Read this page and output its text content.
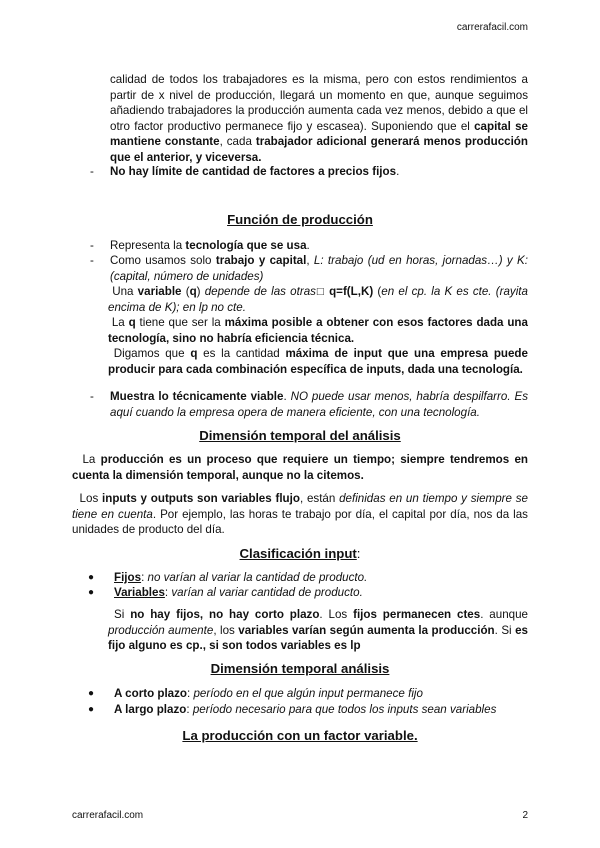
carrerafacil.com
carrerafacil.com	2
calidad de todos los trabajadores es la misma, pero con estos rendimientos a partir de x nivel de producción, llegará un momento en que, aunque seguimos añadiendo trabajadores la producción aumenta cada vez menos, debido a que el otro factor productivo permanece fijo y escasea). Suponiendo que el capital se mantiene constante, cada trabajador adicional generará menos producción que el anterior, y viceversa.
- No hay límite de cantidad de factores a precios fijos.
Función de producción
- Representa la tecnología que se usa.
- Como usamos solo trabajo y capital, L: trabajo (ud en horas, jornadas…) y K: (capital, número de unidades)
Una variable (q) depende de las otras□ q=f(L,K) (en el cp. la K es cte. (rayita encima de K); en lp no cte.
La q tiene que ser la máxima posible a obtener con esos factores dada una tecnología, sino no habría eficiencia técnica.
Digamos que q es la cantidad máxima de input que una empresa puede producir para cada combinación específica de inputs, dada una tecnología.
- Muestra lo técnicamente viable. NO puede usar menos, habría despilfarro. Es aquí cuando la empresa opera de manera eficiente, con una tecnología.
Dimensión temporal del análisis
La producción es un proceso que requiere un tiempo; siempre tendremos en cuenta la dimensión temporal, aunque no la citemos.
Los inputs y outputs son variables flujo, están definidas en un tiempo y siempre se tiene en cuenta. Por ejemplo, las horas te trabajo por día, el capital por día, nos da las unidades de producto del día.
Clasificación input:
● Fijos: no varían al variar la cantidad de producto.
● Variables: varían al variar cantidad de producto.
Si no hay fijos, no hay corto plazo. Los fijos permanecen ctes. aunque producción aumente, los variables varían según aumenta la producción. Si es fijo alguno es cp., si son todos variables es lp
Dimensión temporal análisis
● A corto plazo: período en el que algún input permanece fijo
● A largo plazo: período necesario para que todos los inputs sean variables
La producción con un factor variable.
